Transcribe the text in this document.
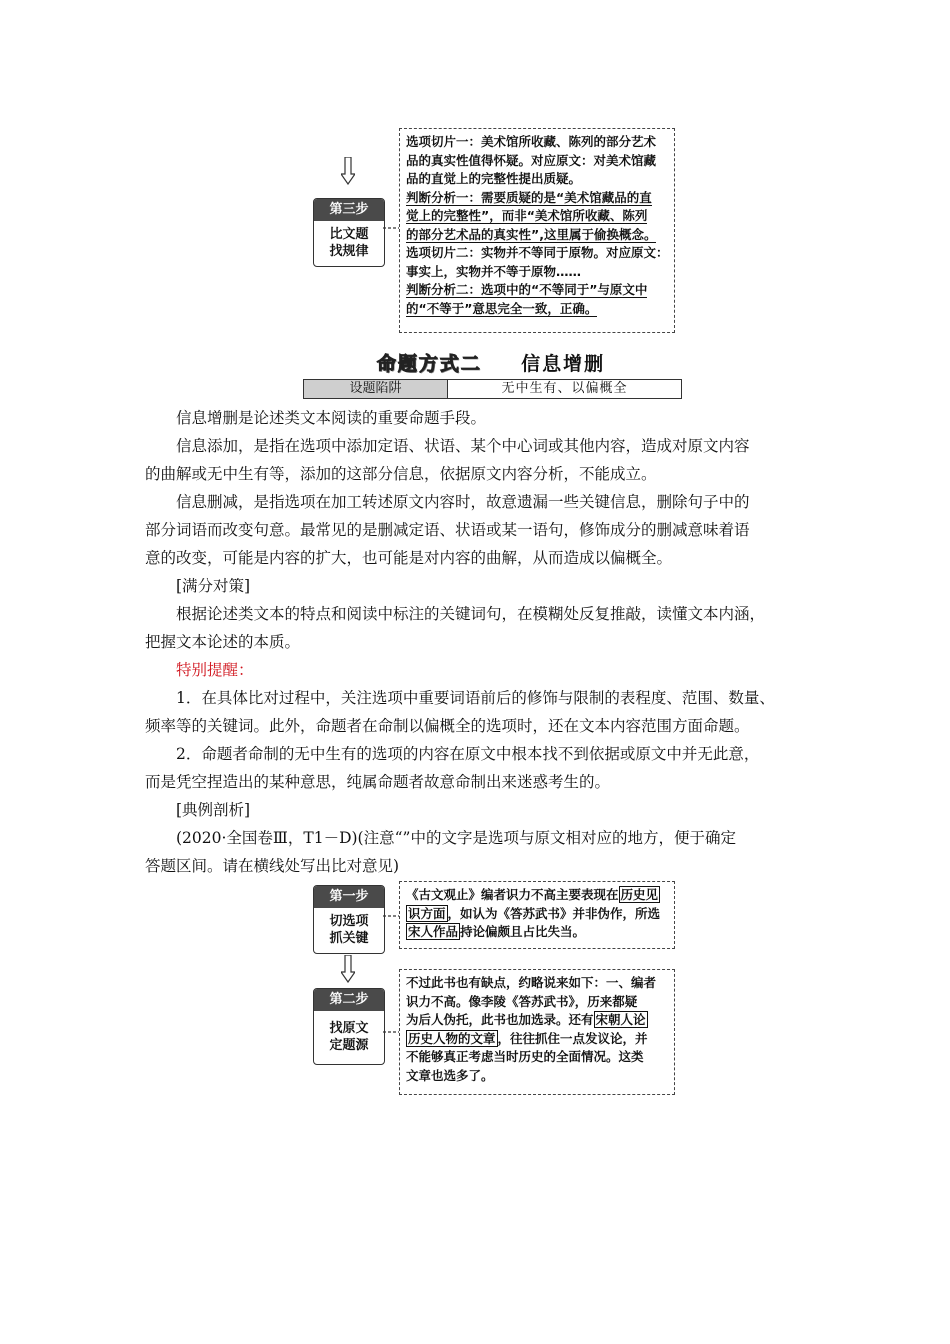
第三步
比文题
找规律
选项切片一：美术馆所收藏、陈列的部分艺术
品的真实性值得怀疑。对应原文：对美术馆藏
品的直觉上的完整性提出质疑。
判断分析一：需要质疑的是“美术馆藏品的直
觉上的完整性”，而非“美术馆所收藏、陈列
的部分艺术品的真实性”,这里属于偷换概念。
选项切片二：实物并不等同于原物。对应原文：
事实上，实物并不等于原物……
判断分析二：选项中的“不等同于”与原文中
的“不等于”意思完全一致，正确。
命题方式二 信息增删
设题陷阱	无中生有、以偏概全
信息增删是论述类文本阅读的重要命题手段。
信息添加，是指在选项中添加定语、状语、某个中心词或其他内容，造成对原文内容
的曲解或无中生有等，添加的这部分信息，依据原文内容分析，不能成立。
信息删减，是指选项在加工转述原文内容时，故意遗漏一些关键信息，删除句子中的
部分词语而改变句意。最常见的是删减定语、状语或某一语句，修饰成分的删减意味着语
意的改变，可能是内容的扩大，也可能是对内容的曲解，从而造成以偏概全。
[满分对策]
根据论述类文本的特点和阅读中标注的关键词句，在模糊处反复推敲，读懂文本内涵，
把握文本论述的本质。
特别提醒：
1．在具体比对过程中，关注选项中重要词语前后的修饰与限制的表程度、范围、数量、
频率等的关键词。此外，命题者在命制以偏概全的选项时，还在文本内容范围方面命题。
2．命题者命制的无中生有的选项的内容在原文中根本找不到依据或原文中并无此意，
而是凭空捏造出的某种意思，纯属命题者故意命制出来迷惑考生的。
[典例剖析]
(2020·全国卷Ⅲ，T1－D)(注意“”中的文字是选项与原文相对应的地方，便于确定
答题区间。请在横线处写出比对意见)
第一步
切选项
抓关键
《古文观止》编者识力不高主要表现在 历史见
识方面 ，如认为《答苏武书》并非伪作，所选
宋人作品 持论偏颇且占比失当。
第二步
找原文
定题源
不过此书也有缺点，约略说来如下：一、编者
识力不高。像李陵《答苏武书》，历来都疑
为后人伪托，此书也加选录。还有 宋朝人论
历史人物的文章 ，往往抓住一点发议论，并
不能够真正考虑当时历史的全面情况。这类
文章也选多了。
